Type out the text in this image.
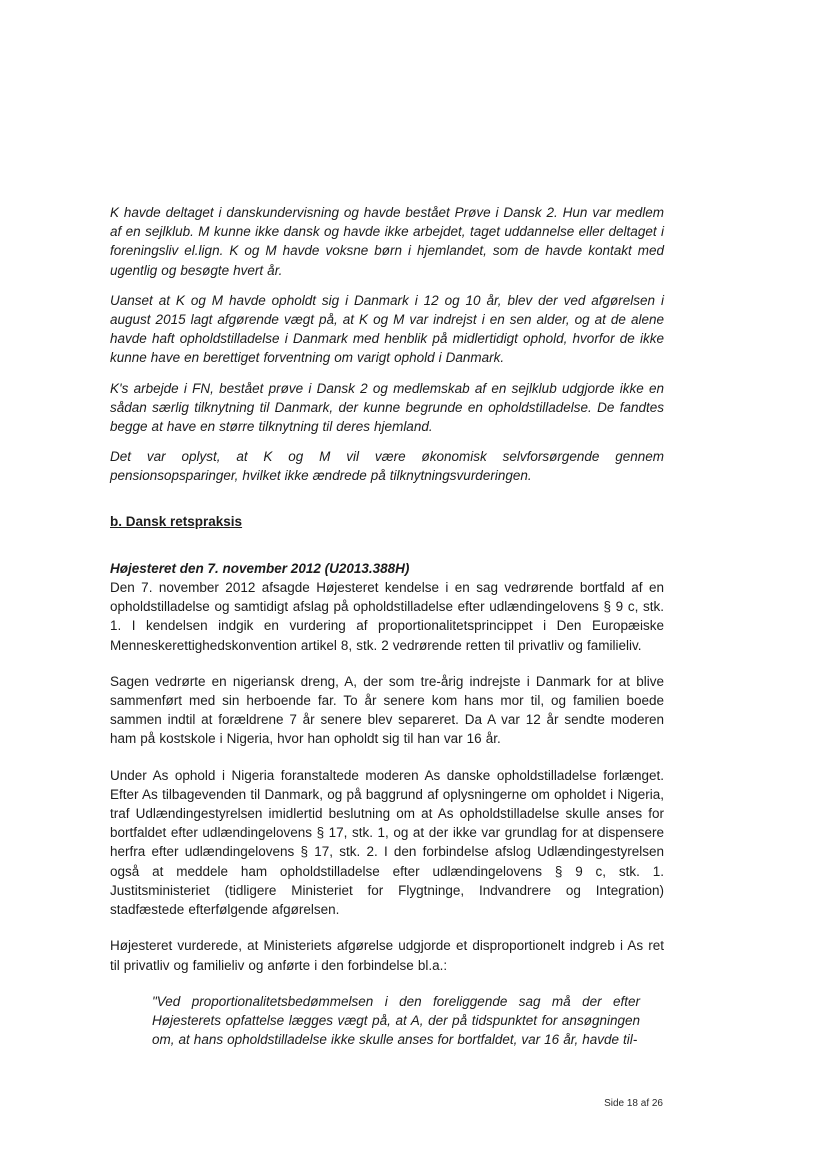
K havde deltaget i danskundervisning og havde bestået Prøve i Dansk 2. Hun var medlem af en sejlklub. M kunne ikke dansk og havde ikke arbejdet, taget uddannelse eller deltaget i foreningsliv el.lign. K og M havde voksne børn i hjemlandet, som de havde kontakt med ugentlig og besøgte hvert år.

Uanset at K og M havde opholdt sig i Danmark i 12 og 10 år, blev der ved afgørelsen i august 2015 lagt afgørende vægt på, at K og M var indrejst i en sen alder, og at de alene havde haft opholdstilladelse i Danmark med henblik på midlertidigt ophold, hvorfor de ikke kunne have en berettiget forventning om varigt ophold i Danmark.

K's arbejde i FN, bestået prøve i Dansk 2 og medlemskab af en sejlklub udgjorde ikke en sådan særlig tilknytning til Danmark, der kunne begrunde en opholdstilladelse. De fandtes begge at have en større tilknytning til deres hjemland.

Det var oplyst, at K og M vil være økonomisk selvforsørgende gennem pensionsopsparinger, hvilket ikke ændrede på tilknytningsvurderingen.

b. Dansk retspraksis
Højesteret den 7. november 2012 (U2013.388H)

Den 7. november 2012 afsagde Højesteret kendelse i en sag vedrørende bortfald af en opholdstilladelse og samtidigt afslag på opholdstilladelse efter udlændingelovens § 9 c, stk. 1. I kendelsen indgik en vurdering af proportionalitetsprincippet i Den Europæiske Menneskerettighedskonvention artikel 8, stk. 2 vedrørende retten til privatliv og familieliv.

Sagen vedrørte en nigeriansk dreng, A, der som tre-årig indrejste i Danmark for at blive sammenført med sin herboende far. To år senere kom hans mor til, og familien boede sammen indtil at forældrene 7 år senere blev separeret. Da A var 12 år sendte moderen ham på kostskole i Nigeria, hvor han opholdt sig til han var 16 år.

Under As ophold i Nigeria foranstaltede moderen As danske opholdstilladelse forlænget. Efter As tilbagevenden til Danmark, og på baggrund af oplysningerne om opholdet i Nigeria, traf Udlændingestyrelsen imidlertid beslutning om at As opholdstilladelse skulle anses for bortfaldet efter udlændingelovens § 17, stk. 1, og at der ikke var grundlag for at dispensere herfra efter udlændingelovens § 17, stk. 2. I den forbindelse afslog Udlændingestyrelsen også at meddele ham opholdstilladelse efter udlændingelovens § 9 c, stk. 1. Justitsministeriet (tidligere Ministeriet for Flygtninge, Indvandrere og Integration) stadfæstede efterfølgende afgørelsen.

Højesteret vurderede, at Ministeriets afgørelse udgjorde et disproportionelt indgreb i As ret til privatliv og familieliv og anførte i den forbindelse bl.a.:

"Ved proportionalitetsbedømmelsen i den foreliggende sag må der efter Højesterets opfattelse lægges vægt på, at A, der på tidspunktet for ansøgningen om, at hans opholdstilladelse ikke skulle anses for bortfaldet, var 16 år, havde til-

Side 18 af 26
